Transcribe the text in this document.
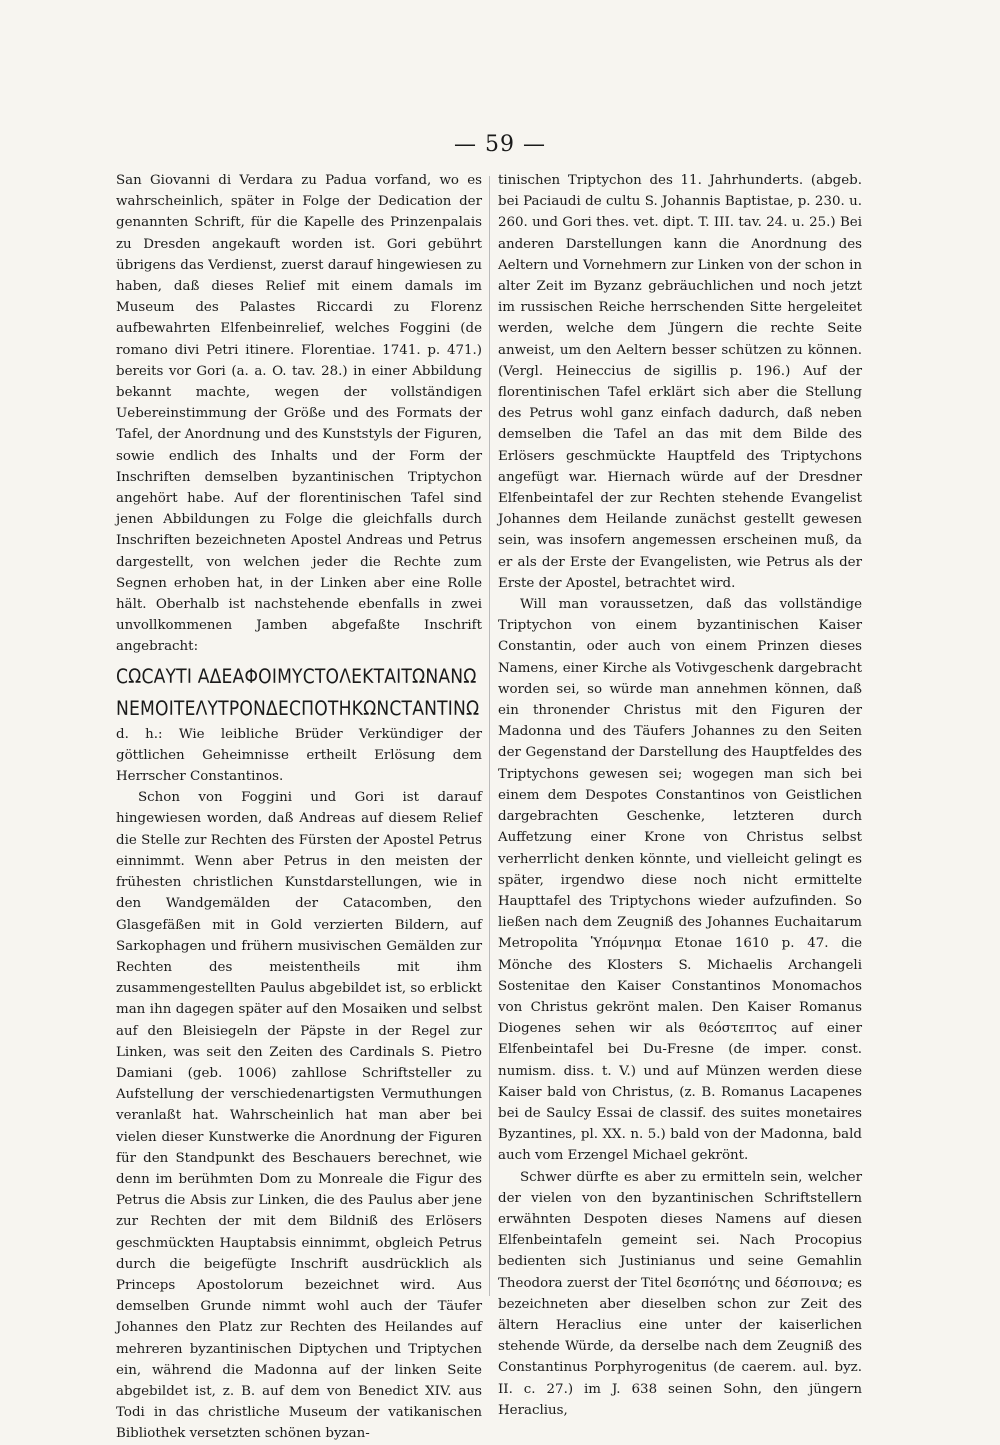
— 59 —

San Giovanni di Verdara zu Padua vorfand, wo es wahrscheinlich, später in Folge der Dedication der genannten Schrift, für die Kapelle des Prinzenpalais zu Dresden angekauft worden ist. Gori gebührt übrigens das Verdienst, zuerst darauf hingewiesen zu haben, daß dieses Relief mit einem damals im Museum des Palastes Riccardi zu Florenz aufbewahrten Elfenbeinrelief, welches Foggini (de romano divi Petri itinere. Florentiae. 1741. p. 471.) bereits vor Gori (a. a. O. tav. 28.) in einer Abbildung bekannt machte, wegen der vollständigen Uebereinstimmung der Größe und des Formats der Tafel, der Anordnung und des Kunststyls der Figuren, sowie endlich des Inhalts und der Form der Inschriften demselben byzantinischen Triptychon angehört habe. Auf der florentinischen Tafel sind jenen Abbildungen zu Folge die gleichfalls durch Inschriften bezeichneten Apostel Andreas und Petrus dargestellt, von welchen jeder die Rechte zum Segnen erhoben hat, in der Linken aber eine Rolle hält. Oberhalb ist nachstehende ebenfalls in zwei unvollkommenen Jamben abgefaßte Inschrift angebracht:

ϹΩϹΑΥΤΙ ΑΔΕΑΦΟΙΜΥϹΤΟΛΕΚΤΑΙΤΩΝΑΝΩ
ΝΕΜΟΙΤΕΛΥΤΡΟΝΔΕϹΠΟΤΗΚΩΝϹΤΑΝΤΙΝΩ

d. h.: Wie leibliche Brüder Verkündiger der göttlichen Geheimnisse ertheilt Erlösung dem Herrscher Constantinos.

Schon von Foggini und Gori ist darauf hingewiesen worden, daß Andreas auf diesem Relief die Stelle zur Rechten des Fürsten der Apostel Petrus einnimmt. Wenn aber Petrus in den meisten der frühesten christlichen Kunstdarstellungen, wie in den Wandgemälden der Catacomben, den Glasgefäßen mit in Gold verzierten Bildern, auf Sarkophagen und frühern musivischen Gemälden zur Rechten des meistentheils mit ihm zusammengestellten Paulus abgebildet ist, so erblickt man ihn dagegen später auf den Mosaiken und selbst auf den Bleisiegeln der Päpste in der Regel zur Linken, was seit den Zeiten des Cardinals S. Pietro Damiani (geb. 1006) zahllose Schriftsteller zu Aufstellung der verschiedenartigsten Vermuthungen veranlaßt hat. Wahrscheinlich hat man aber bei vielen dieser Kunstwerke die Anordnung der Figuren für den Standpunkt des Beschauers berechnet, wie denn im berühmten Dom zu Monreale die Figur des Petrus die Absis zur Linken, die des Paulus aber jene zur Rechten der mit dem Bildniß des Erlösers geschmückten Hauptabsis einnimmt, obgleich Petrus durch die beigefügte Inschrift ausdrücklich als Princeps Apostolorum bezeichnet wird. Aus demselben Grunde nimmt wohl auch der Täufer Johannes den Platz zur Rechten des Heilandes auf mehreren byzantinischen Diptychen und Triptychen ein, während die Madonna auf der linken Seite abgebildet ist, z. B. auf dem von Benedict XIV. aus Todi in das christliche Museum der vatikanischen Bibliothek versetzten schönen byzan-

tinischen Triptychon des 11. Jahrhunderts. (abgeb. bei Paciaudi de cultu S. Johannis Baptistae, p. 230. u. 260. und Gori thes. vet. dipt. T. III. tav. 24. u. 25.) Bei anderen Darstellungen kann die Anordnung des Aeltern und Vornehmern zur Linken von der schon in alter Zeit im Byzanz gebräuchlichen und noch jetzt im russischen Reiche herrschenden Sitte hergeleitet werden, welche dem Jüngern die rechte Seite anweist, um den Aeltern besser schützen zu können. (Vergl. Heineccius de sigillis p. 196.) Auf der florentinischen Tafel erklärt sich aber die Stellung des Petrus wohl ganz einfach dadurch, daß neben demselben die Tafel an das mit dem Bilde des Erlösers geschmückte Hauptfeld des Triptychons angefügt war. Hiernach würde auf der Dresdner Elfenbeintafel der zur Rechten stehende Evangelist Johannes dem Heilande zunächst gestellt gewesen sein, was insofern angemessen erscheinen muß, da er als der Erste der Evangelisten, wie Petrus als der Erste der Apostel, betrachtet wird.

Will man voraussetzen, daß das vollständige Triptychon von einem byzantinischen Kaiser Constantin, oder auch von einem Prinzen dieses Namens, einer Kirche als Votivgeschenk dargebracht worden sei, so würde man annehmen können, daß ein thronender Christus mit den Figuren der Madonna und des Täufers Johannes zu den Seiten der Gegenstand der Darstellung des Hauptfeldes des Triptychons gewesen sei; wogegen man sich bei einem dem Despotes Constantinos von Geistlichen dargebrachten Geschenke, letzteren durch Auffetzung einer Krone von Christus selbst verherrlicht denken könnte, und vielleicht gelingt es später, irgendwo diese noch nicht ermittelte Haupttafel des Triptychons wieder aufzufinden. So ließen nach dem Zeugniß des Johannes Euchaitarum Metropolita Ὑπόμνημα Etonae 1610 p. 47. die Mönche des Klosters S. Michaelis Archangeli Sostenitae den Kaiser Constantinos Monomachos von Christus gekrönt malen. Den Kaiser Romanus Diogenes sehen wir als θεόστεπτος auf einer Elfenbeintafel bei Du-Fresne (de imper. const. numism. diss. t. V.) und auf Münzen werden diese Kaiser bald von Christus, (z. B. Romanus Lacapenes bei de Saulcy Essai de classif. des suites monetaires Byzantines, pl. XX. n. 5.) bald von der Madonna, bald auch vom Erzengel Michael gekrönt.

Schwer dürfte es aber zu ermitteln sein, welcher der vielen von den byzantinischen Schriftstellern erwähnten Despoten dieses Namens auf diesen Elfenbeintafeln gemeint sei. Nach Procopius bedienten sich Justinianus und seine Gemahlin Theodora zuerst der Titel δεσπότης und δέσποινα; es bezeichneten aber dieselben schon zur Zeit des ältern Heraclius eine unter der kaiserlichen stehende Würde, da derselbe nach dem Zeugniß des Constantinus Porphyrogenitus (de caerem. aul. byz. II. c. 27.) im J. 638 seinen Sohn, den jüngern Heraclius,
